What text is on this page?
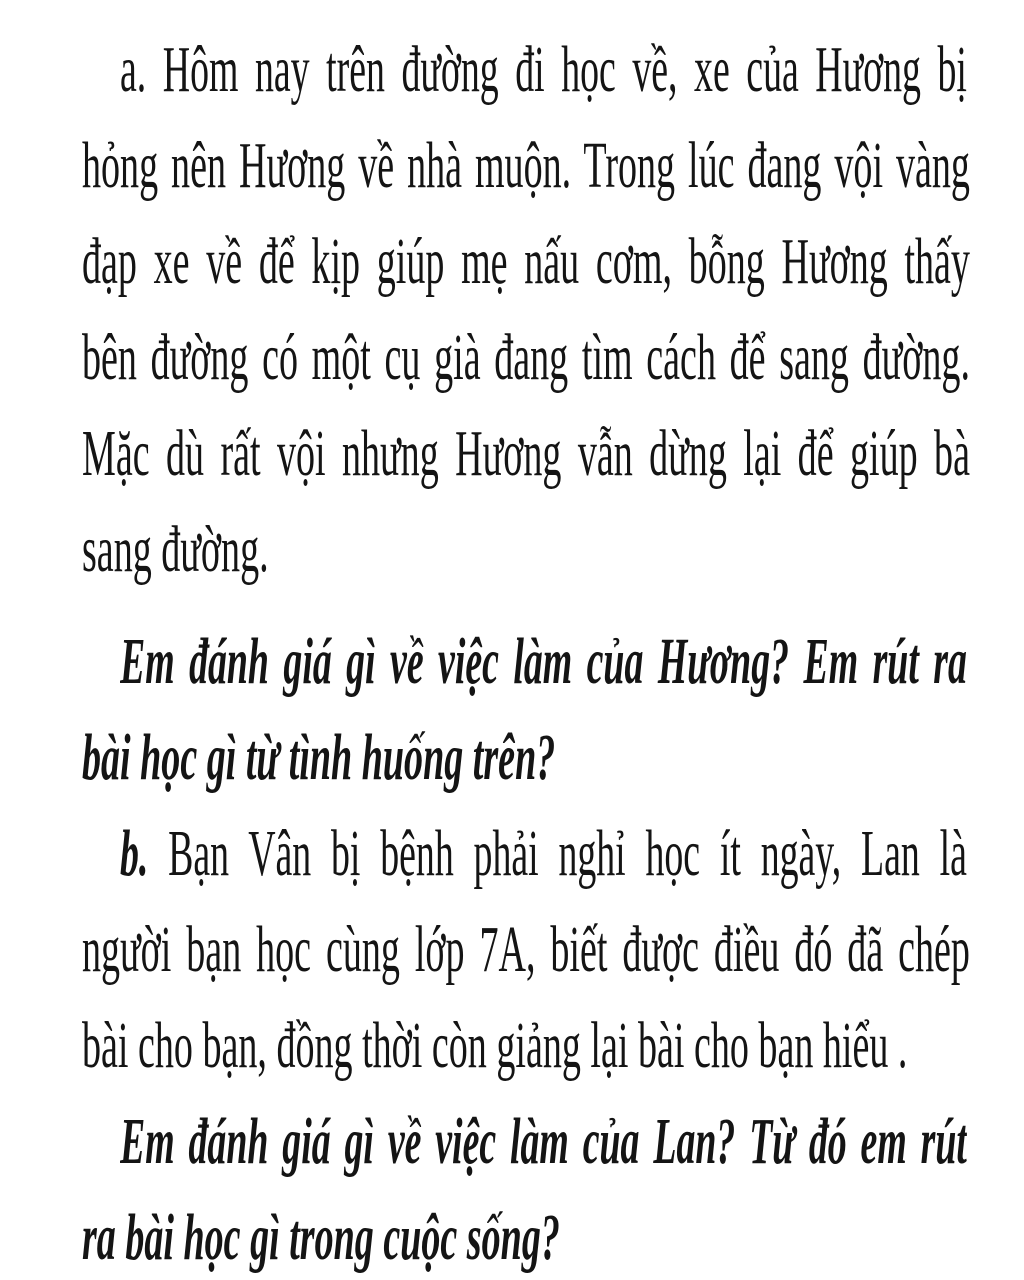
a. Hôm nay trên đường đi học về, xe của Hương bị
hỏng nên Hương về nhà muộn. Trong lúc đang vội vàng
đạp xe về để kịp giúp mẹ nấu cơm, bỗng Hương thấy
bên đường có một cụ già đang tìm cách để sang đường.
Mặc dù rất vội nhưng Hương vẫn dừng lại để giúp bà
sang đường.
Em đánh giá gì về việc làm của Hương? Em rút ra
bài học gì từ tình huống trên?
b. Bạn Vân bị bệnh phải nghỉ học ít ngày, Lan là
người bạn học cùng lớp 7A, biết được điều đó đã chép
bài cho bạn, đồng thời còn giảng lại bài cho bạn hiểu .
Em đánh giá gì về việc làm của Lan? Từ đó em rút
ra bài học gì trong cuộc sống?
